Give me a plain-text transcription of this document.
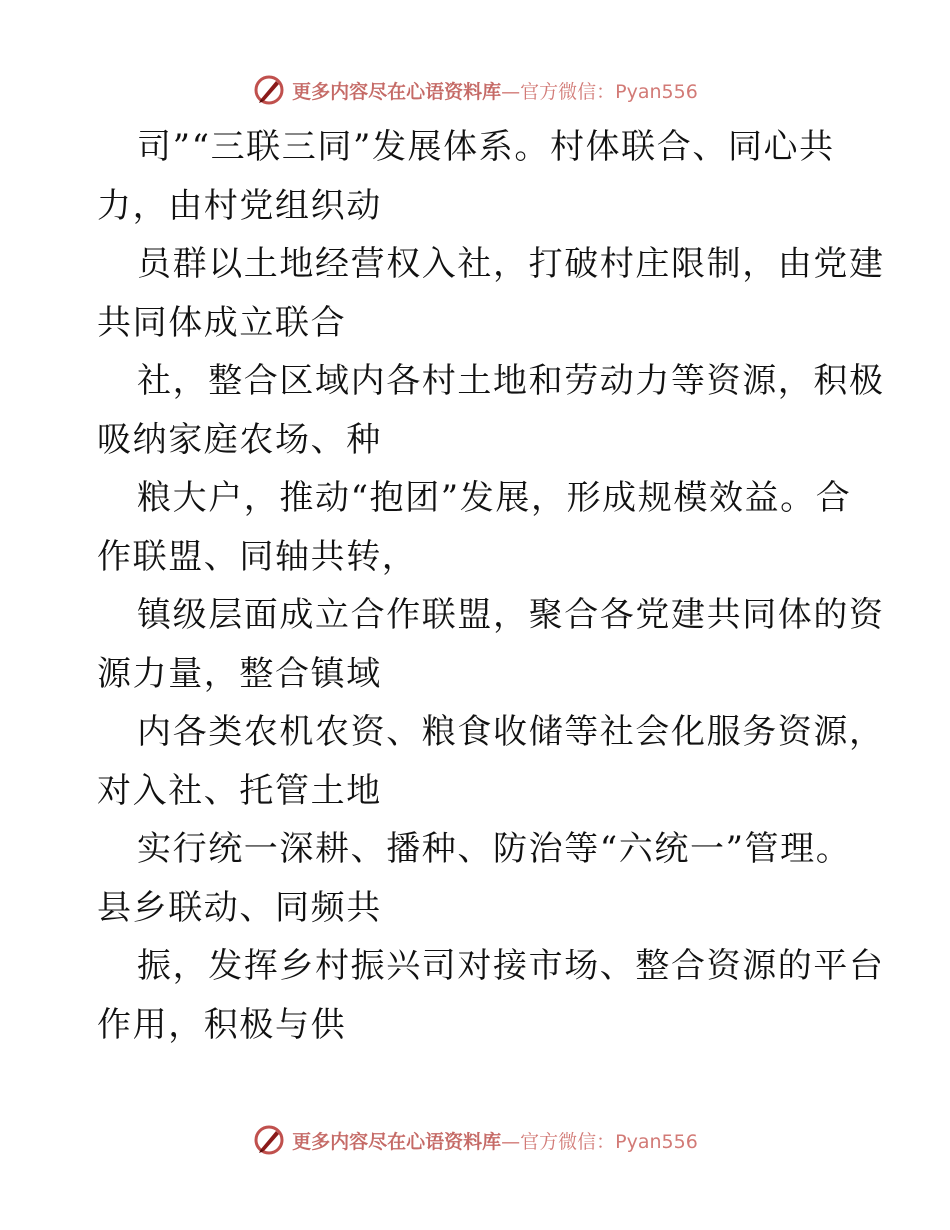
更多内容尽在心语资料库 —官方微信：Pyan556
司”“三联三同”发展体系。村体联合、同心共
力，由村党组织动
员群以土地经营权入社，打破村庄限制，由党建
共同体成立联合
社，整合区域内各村土地和劳动力等资源，积极
吸纳家庭农场、种
粮大户，推动“抱团”发展，形成规模效益。合
作联盟、同轴共转，
镇级层面成立合作联盟，聚合各党建共同体的资
源力量，整合镇域
内各类农机农资、粮食收储等社会化服务资源，
对入社、托管土地
实行统一深耕、播种、防治等“六统一”管理。
县乡联动、同频共
振，发挥乡村振兴司对接市场、整合资源的平台
作用，积极与供
更多内容尽在心语资料库 —官方微信：Pyan556
